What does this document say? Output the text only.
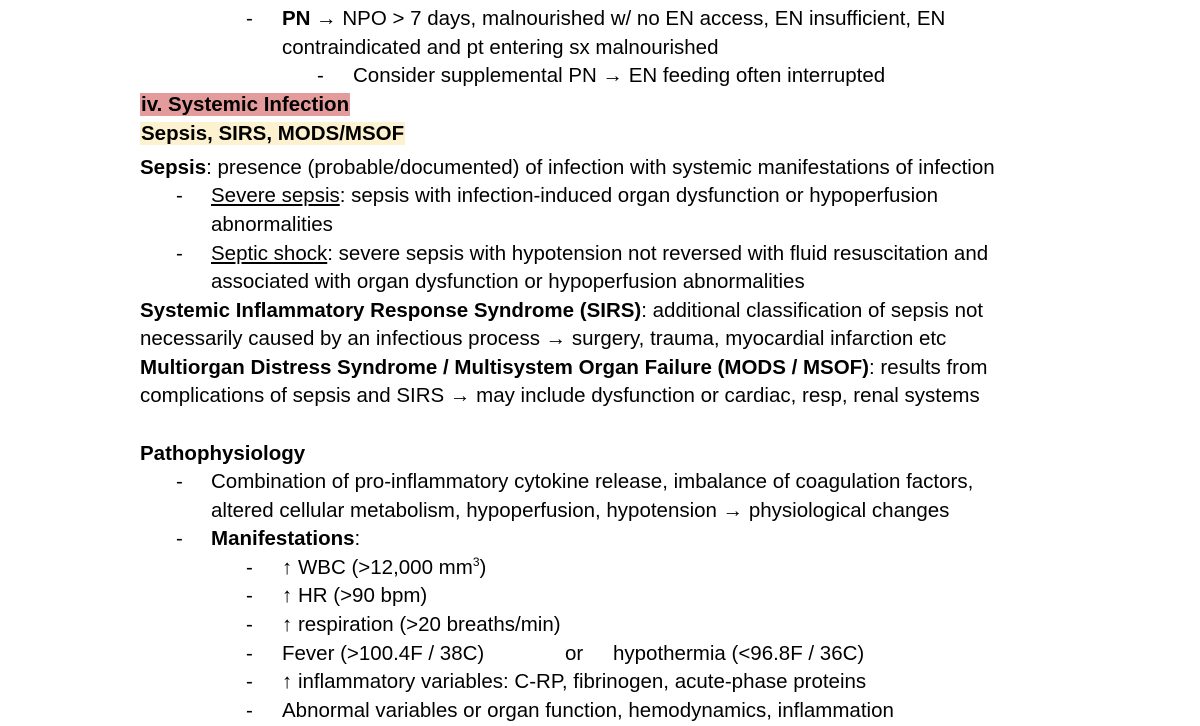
- PN → NPO > 7 days, malnourished w/ no EN access, EN insufficient, EN
contraindicated and pt entering sx malnourished
- Consider supplemental PN → EN feeding often interrupted
iv. Systemic Infection
Sepsis, SIRS, MODS/MSOF
Sepsis: presence (probable/documented) of infection with systemic manifestations of infection
- Severe sepsis: sepsis with infection-induced organ dysfunction or hypoperfusion
abnormalities
- Septic shock: severe sepsis with hypotension not reversed with fluid resuscitation and
associated with organ dysfunction or hypoperfusion abnormalities
Systemic Inflammatory Response Syndrome (SIRS): additional classification of sepsis not
necessarily caused by an infectious process → surgery, trauma, myocardial infarction etc
Multiorgan Distress Syndrome / Multisystem Organ Failure (MODS / MSOF): results from
complications of sepsis and SIRS → may include dysfunction or cardiac, resp, renal systems
Pathophysiology
- Combination of pro-inflammatory cytokine release, imbalance of coagulation factors,
altered cellular metabolism, hypoperfusion, hypotension → physiological changes
- Manifestations:
- ↑ WBC (>12,000 $mm^3$)
- ↑ HR (>90 bpm)
- ↑ respiration (>20 breaths/min)
- Fever (>100.4F / 38C)	or hypothermia (<96.8F / 36C)
- ↑ inflammatory variables: C-RP, fibrinogen, acute-phase proteins
- Abnormal variables or organ function, hemodynamics, inflammation
